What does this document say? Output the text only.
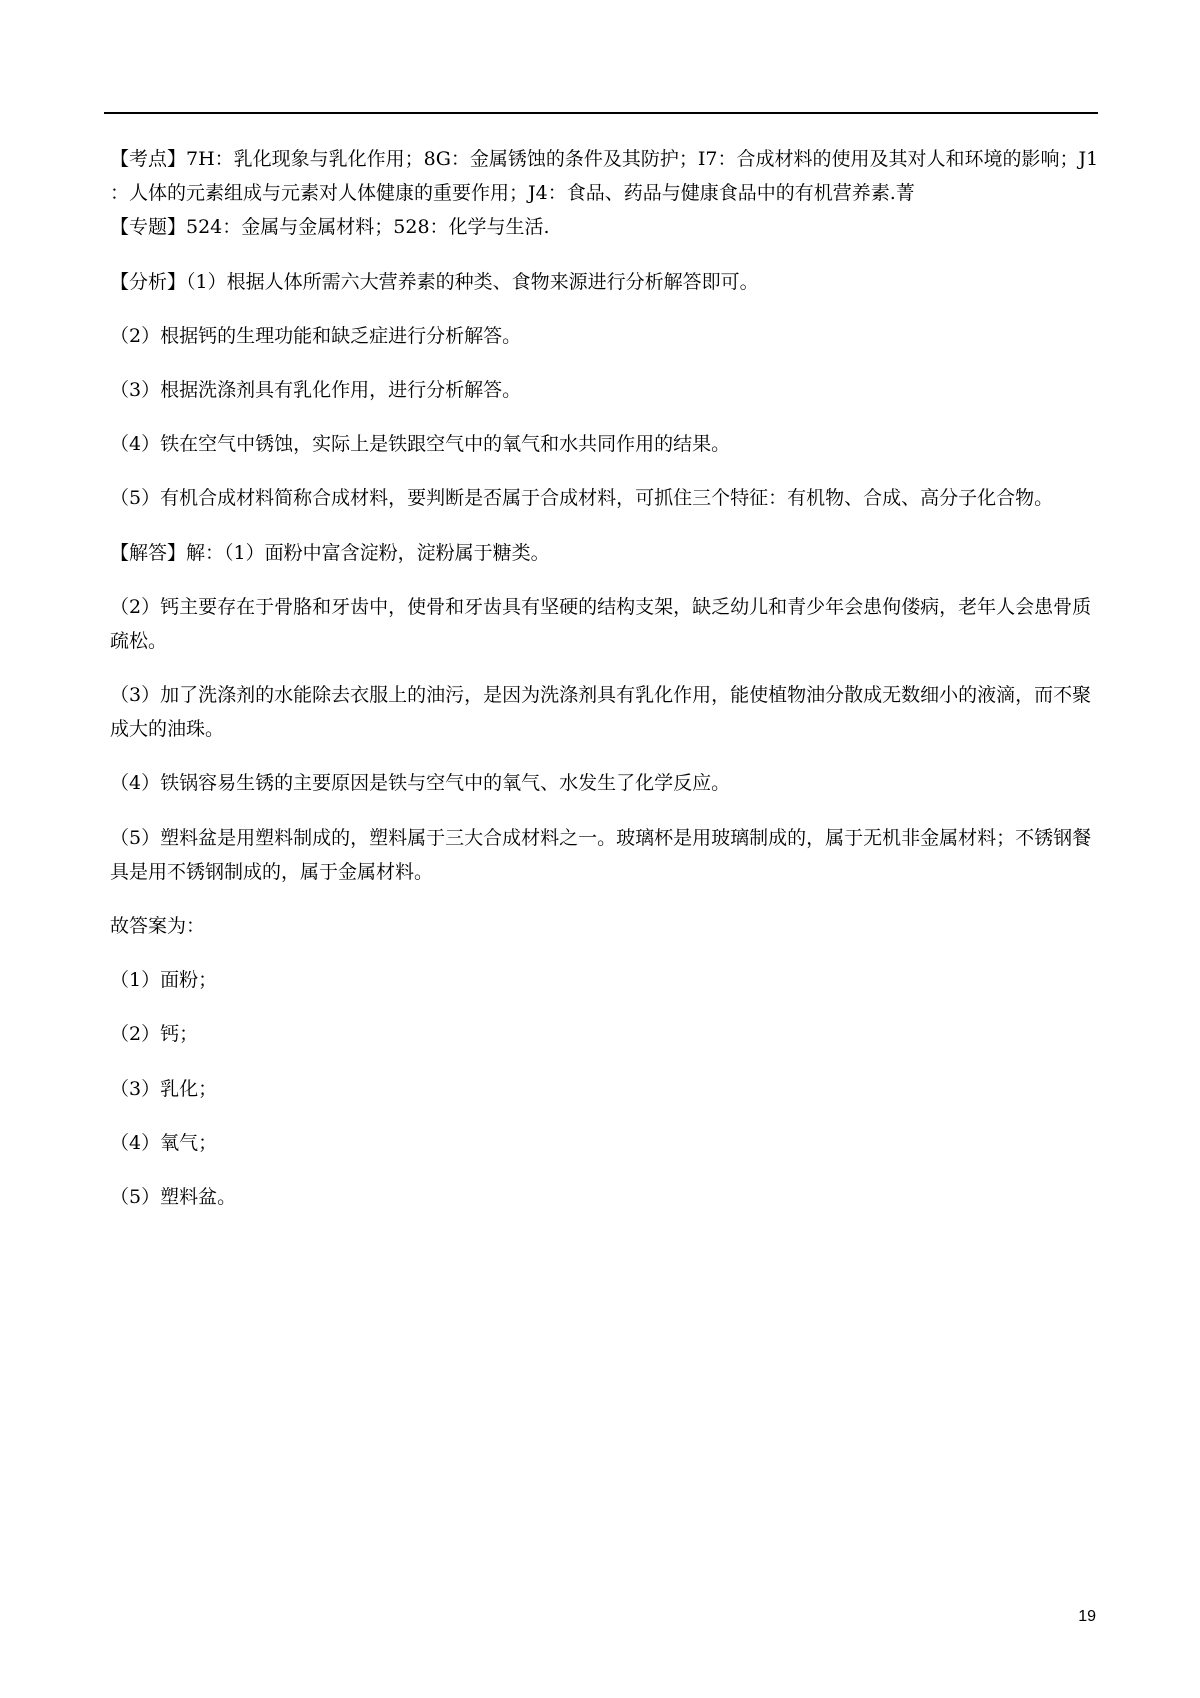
【考点】7H：乳化现象与乳化作用；8G：金属锈蚀的条件及其防护；I7：合成材料的使用及其对人和环境的影响；J1：人体的元素组成与元素对人体健康的重要作用；J4：食品、药品与健康食品中的有机营养素.菁

【专题】524：金属与金属材料；528：化学与生活.

【分析】（1）根据人体所需六大营养素的种类、食物来源进行分析解答即可。

（2）根据钙的生理功能和缺乏症进行分析解答。

（3）根据洗涤剂具有乳化作用，进行分析解答。

（4）铁在空气中锈蚀，实际上是铁跟空气中的氧气和水共同作用的结果。

（5）有机合成材料简称合成材料，要判断是否属于合成材料，可抓住三个特征：有机物、合成、高分子化合物。

【解答】解：（1）面粉中富含淀粉，淀粉属于糖类。

（2）钙主要存在于骨胳和牙齿中，使骨和牙齿具有坚硬的结构支架，缺乏幼儿和青少年会患佝偻病，老年人会患骨质疏松。

（3）加了洗涤剂的水能除去衣服上的油污，是因为洗涤剂具有乳化作用，能使植物油分散成无数细小的液滴，而不聚成大的油珠。

（4）铁锅容易生锈的主要原因是铁与空气中的氧气、水发生了化学反应。

（5）塑料盆是用塑料制成的，塑料属于三大合成材料之一。玻璃杯是用玻璃制成的，属于无机非金属材料；不锈钢餐具是用不锈钢制成的，属于金属材料。

故答案为：

（1）面粉；

（2）钙；

（3）乳化；

（4）氧气；

（5）塑料盆。

19
